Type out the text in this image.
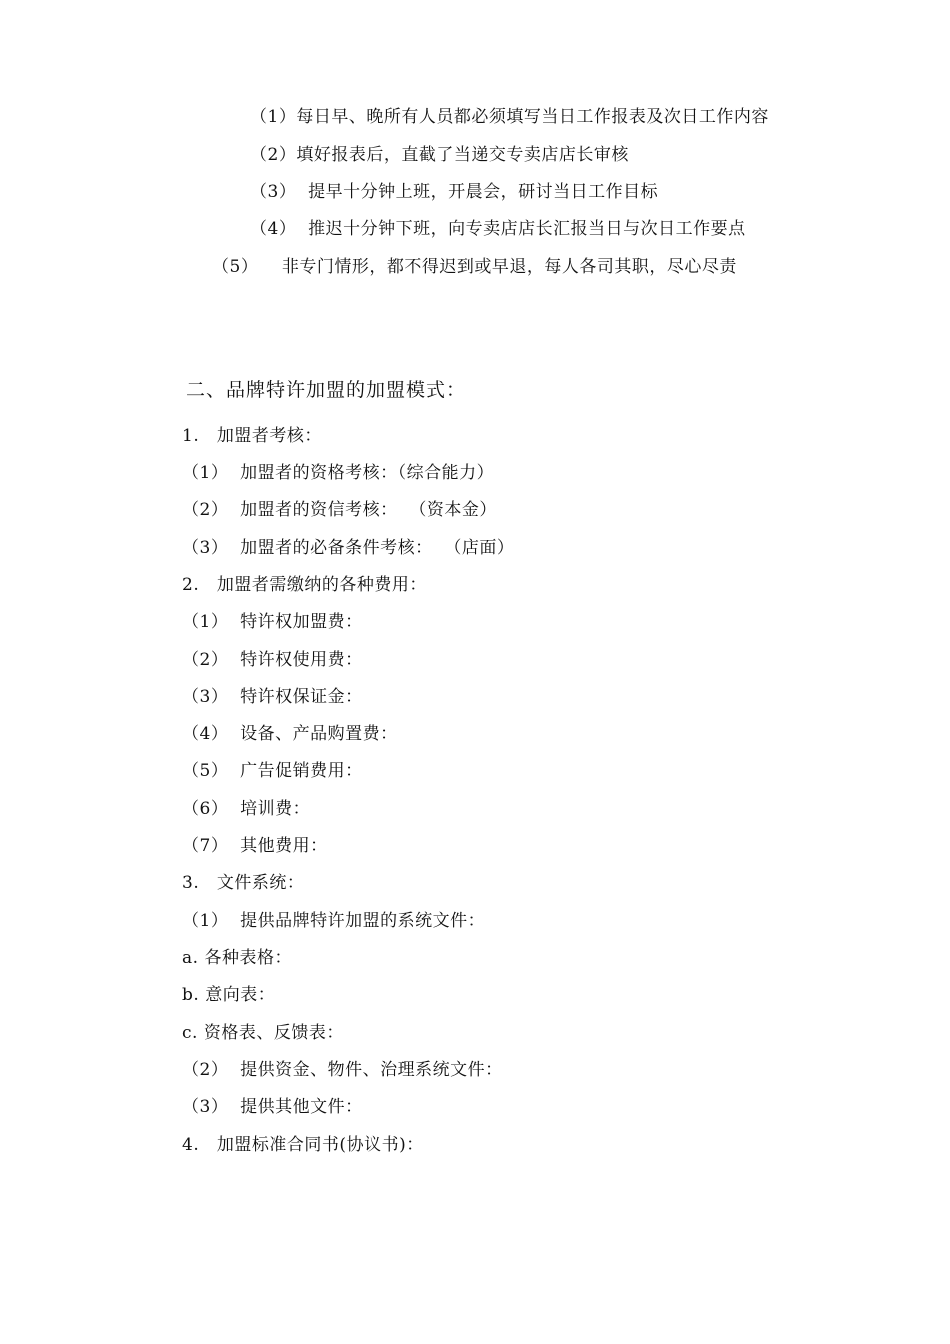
（1）每日早、晚所有人员都必须填写当日工作报表及次日工作内容
（2）填好报表后，直截了当递交专卖店店长审核
（3）  提早十分钟上班，开晨会，研讨当日工作目标
（4）  推迟十分钟下班，向专卖店店长汇报当日与次日工作要点
（5）    非专门情形，都不得迟到或早退，每人各司其职，尽心尽责
二、品牌特许加盟的加盟模式：
1.   加盟者考核：
（1）  加盟者的资格考核：（综合能力）
（2）  加盟者的资信考核：  （资本金）
（3）  加盟者的必备条件考核：  （店面）
2.   加盟者需缴纳的各种费用：
（1）  特许权加盟费：
（2）  特许权使用费：
（3）  特许权保证金：
（4）  设备、产品购置费：
（5）  广告促销费用：
（6）  培训费：
（7）  其他费用：
3.   文件系统：
（1）  提供品牌特许加盟的系统文件：
a. 各种表格：
b. 意向表：
c. 资格表、反馈表：
（2）  提供资金、物件、治理系统文件：
（3）  提供其他文件：
4.   加盟标准合同书(协议书)：
